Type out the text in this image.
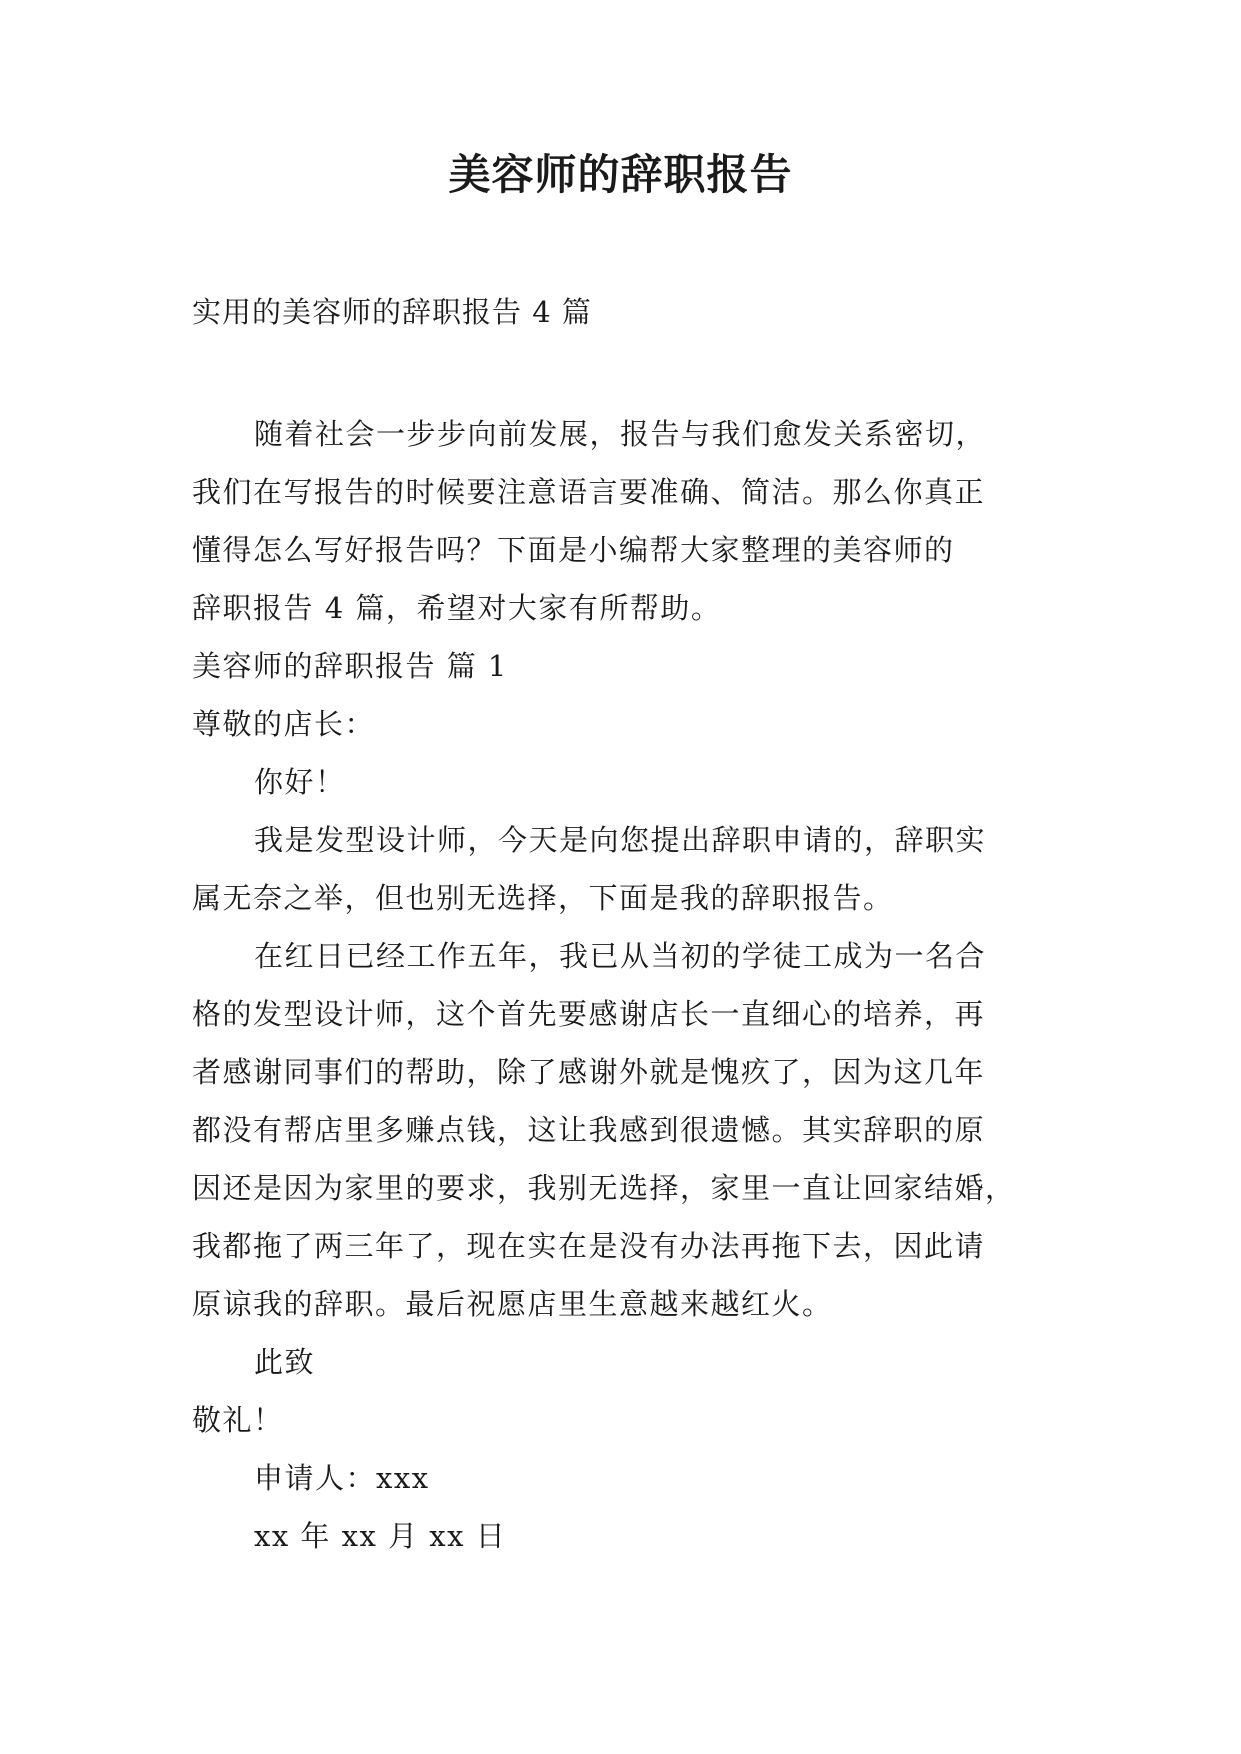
美容师的辞职报告
实用的美容师的辞职报告 4 篇

随着社会一步步向前发展，报告与我们愈发关系密切，
我们在写报告的时候要注意语言要准确、简洁。那么你真正
懂得怎么写好报告吗？下面是小编帮大家整理的美容师的
辞职报告 4 篇，希望对大家有所帮助。

美容师的辞职报告 篇 1

尊敬的店长：

你好！

我是发型设计师，今天是向您提出辞职申请的，辞职实
属无奈之举，但也别无选择，下面是我的辞职报告。

在红日已经工作五年，我已从当初的学徒工成为一名合
格的发型设计师，这个首先要感谢店长一直细心的培养，再
者感谢同事们的帮助，除了感谢外就是愧疚了，因为这几年
都没有帮店里多赚点钱，这让我感到很遗憾。其实辞职的原
因还是因为家里的要求，我别无选择，家里一直让回家结婚，
我都拖了两三年了，现在实在是没有办法再拖下去，因此请
原谅我的辞职。最后祝愿店里生意越来越红火。

此致

敬礼！

申请人：xxx

xx 年 xx 月 xx 日
